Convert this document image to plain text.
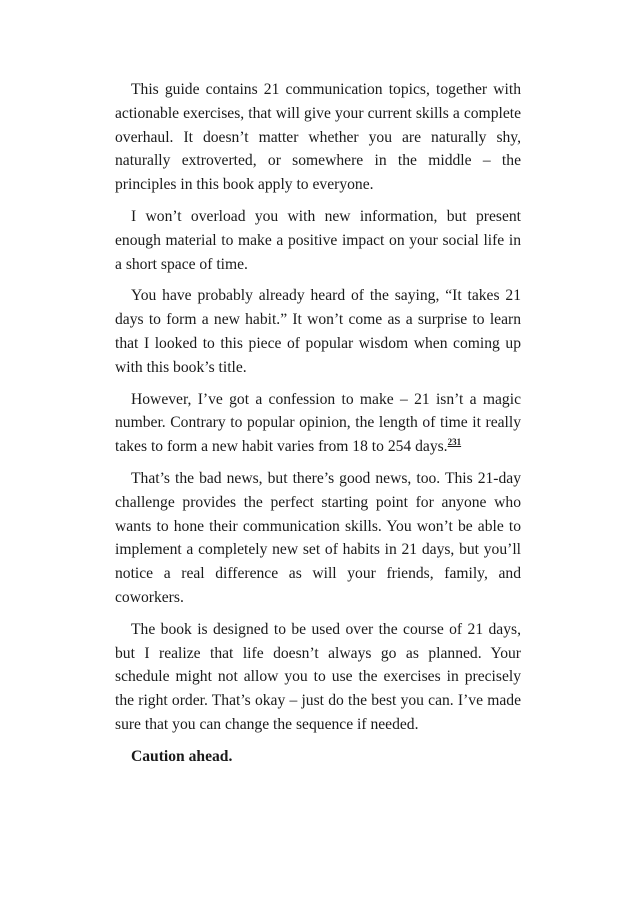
This guide contains 21 communication topics, together with actionable exercises, that will give your current skills a complete overhaul. It doesn’t matter whether you are naturally shy, naturally extroverted, or somewhere in the middle – the principles in this book apply to everyone.

I won’t overload you with new information, but present enough material to make a positive impact on your social life in a short space of time.

You have probably already heard of the saying, “It takes 21 days to form a new habit.” It won’t come as a surprise to learn that I looked to this piece of popular wisdom when coming up with this book’s title.

However, I’ve got a confession to make – 21 isn’t a magic number. Contrary to popular opinion, the length of time it really takes to form a new habit varies from 18 to 254 days.$^{231}$

That’s the bad news, but there’s good news, too. This 21-day challenge provides the perfect starting point for anyone who wants to hone their communication skills. You won’t be able to implement a completely new set of habits in 21 days, but you’ll notice a real difference as will your friends, family, and coworkers.

The book is designed to be used over the course of 21 days, but I realize that life doesn’t always go as planned. Your schedule might not allow you to use the exercises in precisely the right order. That’s okay – just do the best you can. I’ve made sure that you can change the sequence if needed.

Caution ahead.
